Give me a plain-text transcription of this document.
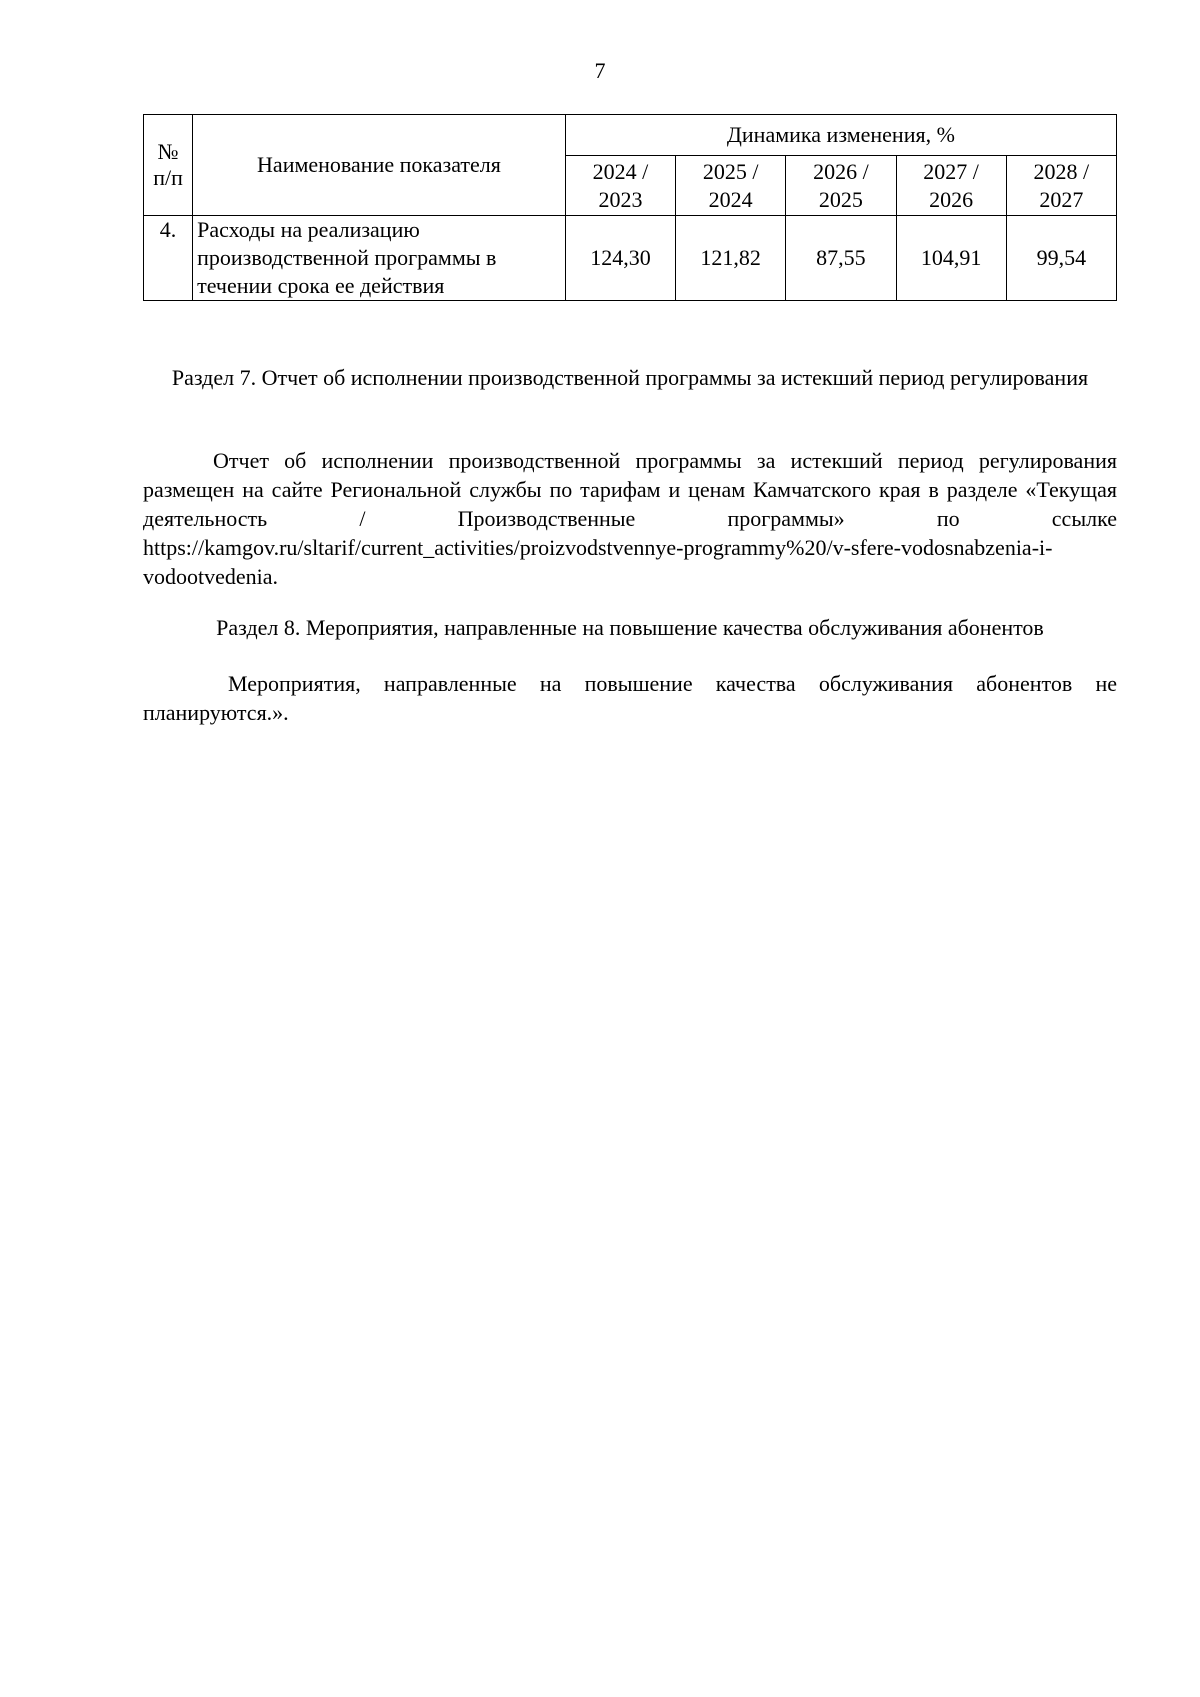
7
№ п/п	Наименование показателя	Динамика изменения, %				
		2024 / 2023	2025 / 2024	2026 / 2025	2027 / 2026	2028 / 2027
4.	Расходы на реализацию производственной программы в течении срока ее действия	124,30	121,82	87,55	104,91	99,54
Раздел 7. Отчет об исполнении производственной программы за истекший период регулирования

Отчет об исполнении производственной программы за истекший период регулирования размещен на сайте Региональной службы по тарифам и ценам Камчатского края в разделе «Текущая деятельность / Производственные программы» по ссылке https://kamgov.ru/sltarif/current_activities/proizvodstvennye-programmy%20/v-sfere-vodosnabzenia-i-vodootvedenia.

Раздел 8. Мероприятия, направленные на повышение качества обслуживания абонентов

Мероприятия, направленные на повышение качества обслуживания абонентов не планируются.».
